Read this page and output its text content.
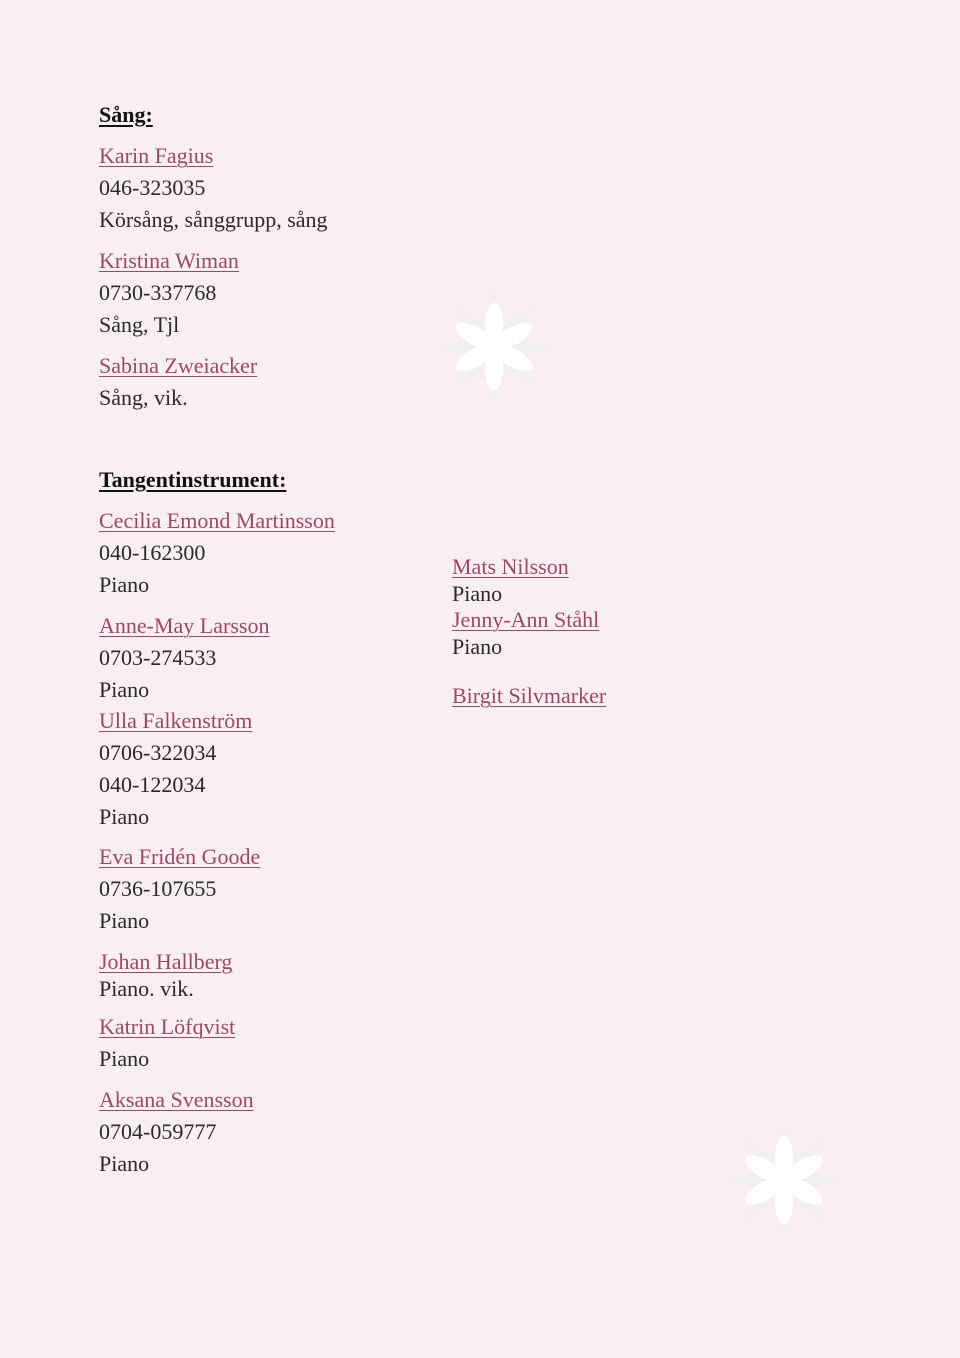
Sång:
Karin Fagius
046-323035
Körsång, sånggrupp, sång
Kristina Wiman
0730-337768
Sång, Tjl
Sabina Zweiacker
Sång, vik.
Tangentinstrument:
Cecilia Emond Martinsson
040-162300
Piano
Anne-May Larsson
0703-274533
Piano
Ulla Falkenström
0706-322034
040-122034
Piano
Eva Fridén Goode
0736-107655
Piano
Johan Hallberg
Piano. vik.
Katrin Löfqvist
Piano
Aksana Svensson
0704-059777
Piano
Mats Nilsson
Piano
Jenny-Ann Ståhl
Piano
Birgit Silvmarker
